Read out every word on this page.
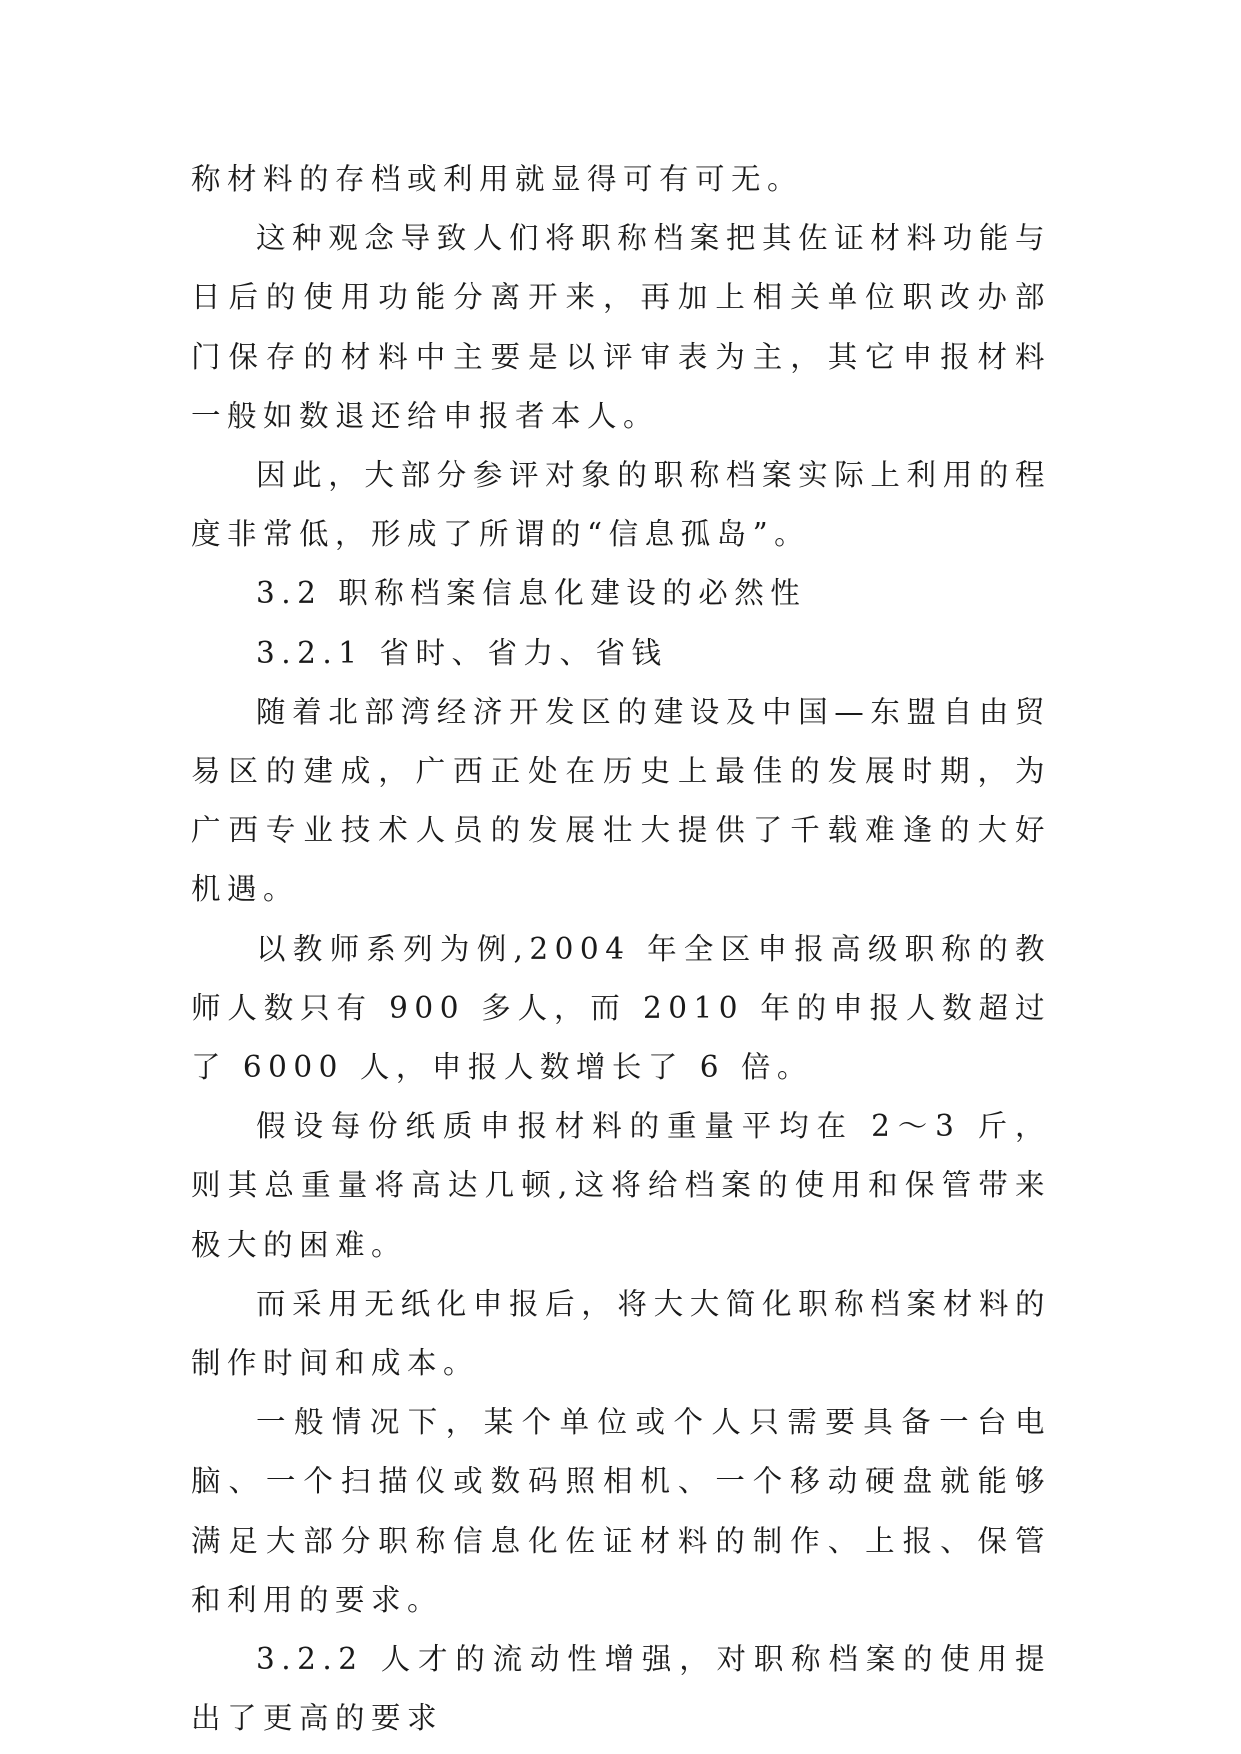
称材料的存档或利用就显得可有可无。

这种观念导致人们将职称档案把其佐证材料功能与日后的使用功能分离开来，再加上相关单位职改办部门保存的材料中主要是以评审表为主，其它申报材料一般如数退还给申报者本人。

因此，大部分参评对象的职称档案实际上利用的程度非常低，形成了所谓的“信息孤岛”。

3.2 职称档案信息化建设的必然性

3.2.1 省时、省力、省钱

随着北部湾经济开发区的建设及中国—东盟自由贸易区的建成，广西正处在历史上最佳的发展时期，为广西专业技术人员的发展壮大提供了千载难逢的大好机遇。

以教师系列为例,2004 年全区申报高级职称的教师人数只有 900 多人，而 2010 年的申报人数超过了 6000 人，申报人数增长了 6 倍。

假设每份纸质申报材料的重量平均在 2～3 斤，则其总重量将高达几顿,这将给档案的使用和保管带来极大的困难。

而采用无纸化申报后，将大大简化职称档案材料的制作时间和成本。

一般情况下，某个单位或个人只需要具备一台电脑、一个扫描仪或数码照相机、一个移动硬盘就能够满足大部分职称信息化佐证材料的制作、上报、保管和利用的要求。

3.2.2 人才的流动性增强，对职称档案的使用提出了更高的要求
